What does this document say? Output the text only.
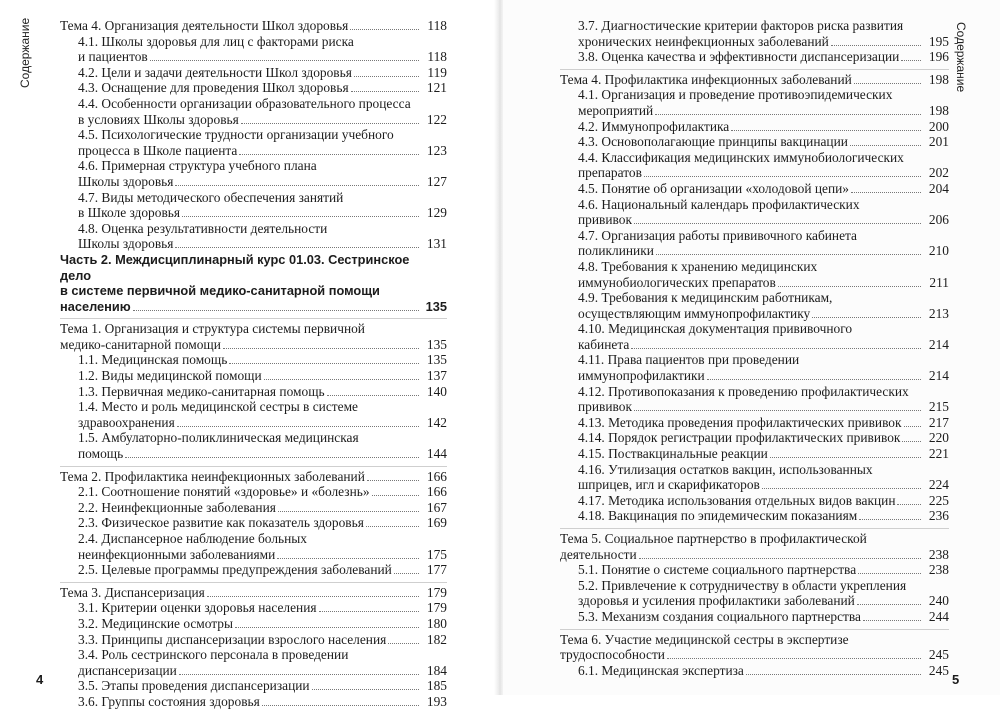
Содержание Тема 4. Организация деятельности Школ здоровья	118
4.1. Школы здоровья для лиц с факторами риска
и пациентов	118
4.2. Цели и задачи деятельности Школ здоровья	119
4.3. Оснащение для проведения Школ здоровья	121
4.4. Особенности организации образовательного процесса
в условиях Школы здоровья	122
4.5. Психологические трудности организации учебного
процесса в Школе пациента	123
4.6. Примерная структура учебного плана
Школы здоровья	127
4.7. Виды методического обеспечения занятий
в Школе здоровья	129
4.8. Оценка результативности деятельности
Школы здоровья	131
Часть 2. Междисциплинарный курс 01.03. Сестринское дело
в системе первичной медико-санитарной помощи населению	135
Тема 1. Организация и структура системы первичной
медико-санитарной помощи	135
1.1. Медицинская помощь	135
1.2. Виды медицинской помощи	137
1.3. Первичная медико-санитарная помощь	140
1.4. Место и роль медицинской сестры в системе
здравоохранения	142
1.5. Амбулаторно-поликлиническая медицинская
помощь	144
Тема 2. Профилактика неинфекционных заболеваний	166
2.1. Соотношение понятий «здоровье» и «болезнь»	166
2.2. Неинфекционные заболевания	167
2.3. Физическое развитие как показатель здоровья	169
2.4. Диспансерное наблюдение больных
неинфекционными заболеваниями	175
2.5. Целевые программы предупреждения заболеваний	177
Тема 3. Диспансеризация	179
3.1. Критерии оценки здоровья населения	179
3.2. Медицинские осмотры	180
3.3. Принципы диспансеризации взрослого населения	182
3.4. Роль сестринского персонала в проведении
диспансеризации	184
3.5. Этапы проведения диспансеризации	185
3.6. Группы состояния здоровья	193
4
Содержание
3.7. Диагностические критерии факторов риска развития
хронических неинфекционных заболеваний	195
3.8. Оценка качества и эффективности диспансеризации	196
Тема 4. Профилактика инфекционных заболеваний	198
4.1. Организация и проведение противоэпидемических
мероприятий	198
4.2. Иммунопрофилактика	200
4.3. Основополагающие принципы вакцинации	201
4.4. Классификация медицинских иммунобиологических
препаратов	202
4.5. Понятие об организации «холодовой цепи»	204
4.6. Национальный календарь профилактических
прививок	206
4.7. Организация работы прививочного кабинета
поликлиники	210
4.8. Требования к хранению медицинских
иммунобиологических препаратов	211
4.9. Требования к медицинским работникам,
осуществляющим иммунопрофилактику	213
4.10. Медицинская документация прививочного
кабинета	214
4.11. Права пациентов при проведении
иммунопрофилактики	214
4.12. Противопоказания к проведению профилактических
прививок	215
4.13. Методика проведения профилактических прививок	217
4.14. Порядок регистрации профилактических прививок	220
4.15. Поствакцинальные реакции	221
4.16. Утилизация остатков вакцин, использованных
шприцев, игл и скарификаторов	224
4.17. Методика использования отдельных видов вакцин	225
4.18. Вакцинация по эпидемическим показаниям	236
Тема 5. Социальное партнерство в профилактической
деятельности	238
5.1. Понятие о системе социального партнерства	238
5.2. Привлечение к сотрудничеству в области укрепления
здоровья и усиления профилактики заболеваний	240
5.3. Механизм создания социального партнерства	244
Тема 6. Участие медицинской сестры в экспертизе
трудоспособности	245
6.1. Медицинская экспертиза	245
5
